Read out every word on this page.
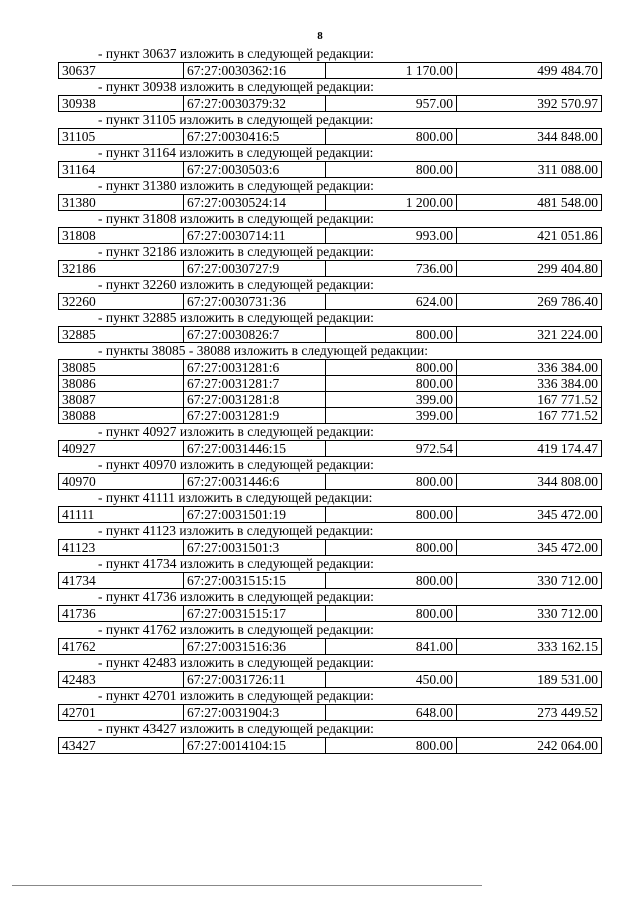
8
- пункт 30637 изложить в следующей редакции:
30637	67:27:0030362:16	1 170.00	499 484.70
- пункт 30938 изложить в следующей редакции:
30938	67:27:0030379:32	957.00	392 570.97
- пункт 31105 изложить в следующей редакции:
31105	67:27:0030416:5	800.00	344 848.00
- пункт 31164 изложить в следующей редакции:
31164	67:27:0030503:6	800.00	311 088.00
- пункт 31380 изложить в следующей редакции:
31380	67:27:0030524:14	1 200.00	481 548.00
- пункт 31808 изложить в следующей редакции:
31808	67:27:0030714:11	993.00	421 051.86
- пункт 32186 изложить в следующей редакции:
32186	67:27:0030727:9	736.00	299 404.80
- пункт 32260 изложить в следующей редакции:
32260	67:27:0030731:36	624.00	269 786.40
- пункт 32885 изложить в следующей редакции:
32885	67:27:0030826:7	800.00	321 224.00
- пункты 38085 - 38088 изложить в следующей редакции:
38085	67:27:0031281:6	800.00	336 384.00
38086	67:27:0031281:7	800.00	336 384.00
38087	67:27:0031281:8	399.00	167 771.52
38088	67:27:0031281:9	399.00	167 771.52
- пункт 40927 изложить в следующей редакции:
40927	67:27:0031446:15	972.54	419 174.47
- пункт 40970 изложить в следующей редакции:
40970	67:27:0031446:6	800.00	344 808.00
- пункт 41111 изложить в следующей редакции:
41111	67:27:0031501:19	800.00	345 472.00
- пункт 41123 изложить в следующей редакции:
41123	67:27:0031501:3	800.00	345 472.00
- пункт 41734 изложить в следующей редакции:
41734	67:27:0031515:15	800.00	330 712.00
- пункт 41736 изложить в следующей редакции:
41736	67:27:0031515:17	800.00	330 712.00
- пункт 41762 изложить в следующей редакции:
41762	67:27:0031516:36	841.00	333 162.15
- пункт 42483 изложить в следующей редакции:
42483	67:27:0031726:11	450.00	189 531.00
- пункт 42701 изложить в следующей редакции:
42701	67:27:0031904:3	648.00	273 449.52
- пункт 43427 изложить в следующей редакции:
43427	67:27:0014104:15	800.00	242 064.00
